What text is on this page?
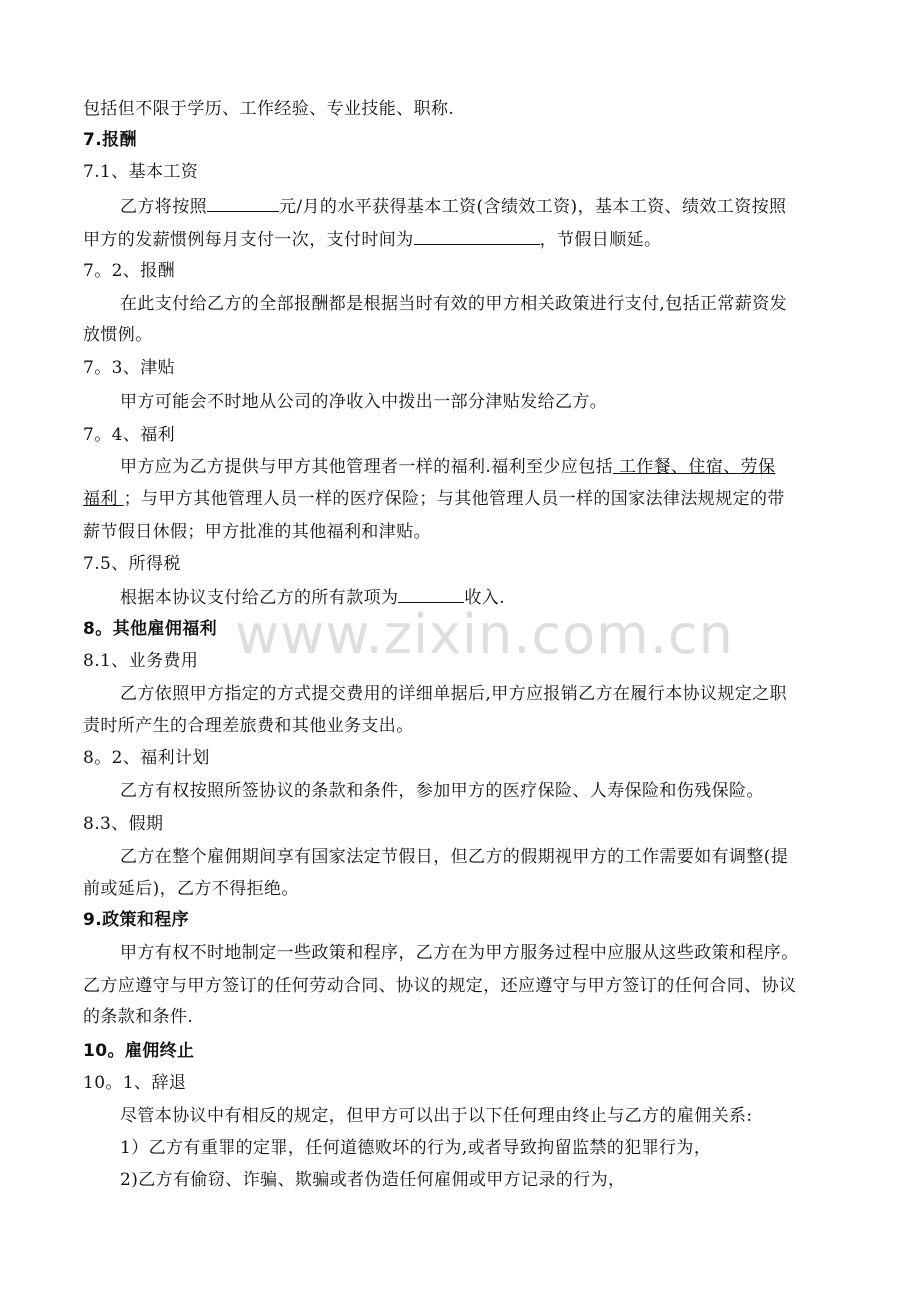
www.zixin.com.cn
包括但不限于学历、工作经验、专业技能、职称.
7.报酬
7.1、基本工资
乙方将按照	元/月的水平获得基本工资(含绩效工资)，基本工资、绩效工资按照
甲方的发薪惯例每月支付一次，支付时间为	，节假日顺延。
7。2、报酬
在此支付给乙方的全部报酬都是根据当时有效的甲方相关政策进行支付,包括正常薪资发
放惯例。
7。3、津贴
甲方可能会不时地从公司的净收入中拨出一部分津贴发给乙方。
7。4、福利
甲方应为乙方提供与甲方其他管理者一样的福利.福利至少应包括 工作餐、住宿、劳保
福利 ；与甲方其他管理人员一样的医疗保险；与其他管理人员一样的国家法律法规规定的带
薪节假日休假；甲方批准的其他福利和津贴。
7.5、所得税
根据本协议支付给乙方的所有款项为	收入.
8。其他雇佣福利
8.1、业务费用
乙方依照甲方指定的方式提交费用的详细单据后,甲方应报销乙方在履行本协议规定之职
责时所产生的合理差旅费和其他业务支出。
8。2、福利计划
乙方有权按照所签协议的条款和条件，参加甲方的医疗保险、人寿保险和伤残保险。
8.3、假期
乙方在整个雇佣期间享有国家法定节假日，但乙方的假期视甲方的工作需要如有调整(提
前或延后)，乙方不得拒绝。
9.政策和程序
甲方有权不时地制定一些政策和程序，乙方在为甲方服务过程中应服从这些政策和程序。
乙方应遵守与甲方签订的任何劳动合同、协议的规定，还应遵守与甲方签订的任何合同、协议
的条款和条件.
10。雇佣终止
10。1、辞退
尽管本协议中有相反的规定，但甲方可以出于以下任何理由终止与乙方的雇佣关系:
1）乙方有重罪的定罪，任何道德败坏的行为,或者导致拘留监禁的犯罪行为，
2)乙方有偷窃、诈骗、欺骗或者伪造任何雇佣或甲方记录的行为，
